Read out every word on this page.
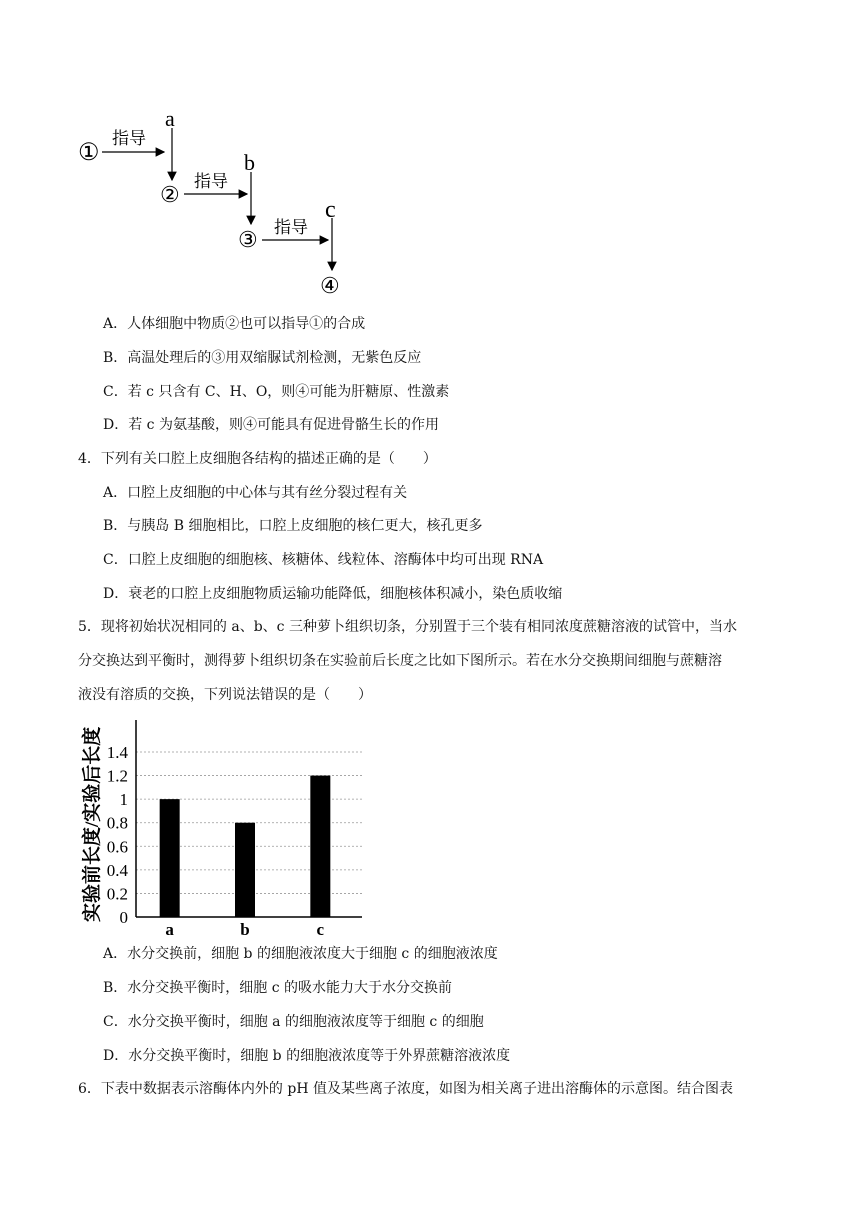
①
指导
a
②
指导
b
③ 指导
c
④
A．人体细胞中物质②也可以指导①的合成
B．高温处理后的③用双缩脲试剂检测，无紫色反应
C．若 c 只含有 C、H、O，则④可能为肝糖原、性激素
D．若 c 为氨基酸，则④可能具有促进骨骼生长的作用
4．下列有关口腔上皮细胞各结构的描述正确的是（　　）
A．口腔上皮细胞的中心体与其有丝分裂过程有关
B．与胰岛 B 细胞相比，口腔上皮细胞的核仁更大，核孔更多
C．口腔上皮细胞的细胞核、核糖体、线粒体、溶酶体中均可出现 RNA
D．衰老的口腔上皮细胞物质运输功能降低，细胞核体积减小，染色质收缩
5．现将初始状况相同的 a、b、c 三种萝卜组织切条，分别置于三个装有相同浓度蔗糖溶液的试管中，当水
分交换达到平衡时，测得萝卜组织切条在实验前后长度之比如下图所示。若在水分交换期间细胞与蔗糖溶
液没有溶质的交换，下列说法错误的是（　　）
0
0.2
0.4
0.6
0.8
1
1.2
1.4
a	b	c
实验前长度/实验后长度
A．水分交换前，细胞 b 的细胞液浓度大于细胞 c 的细胞液浓度
B．水分交换平衡时，细胞 c 的吸水能力大于水分交换前
C．水分交换平衡时，细胞 a 的细胞液浓度等于细胞 c 的细胞
D．水分交换平衡时，细胞 b 的细胞液浓度等于外界蔗糖溶液浓度
6．下表中数据表示溶酶体内外的 pH 值及某些离子浓度，如图为相关离子进出溶酶体的示意图。结合图表
